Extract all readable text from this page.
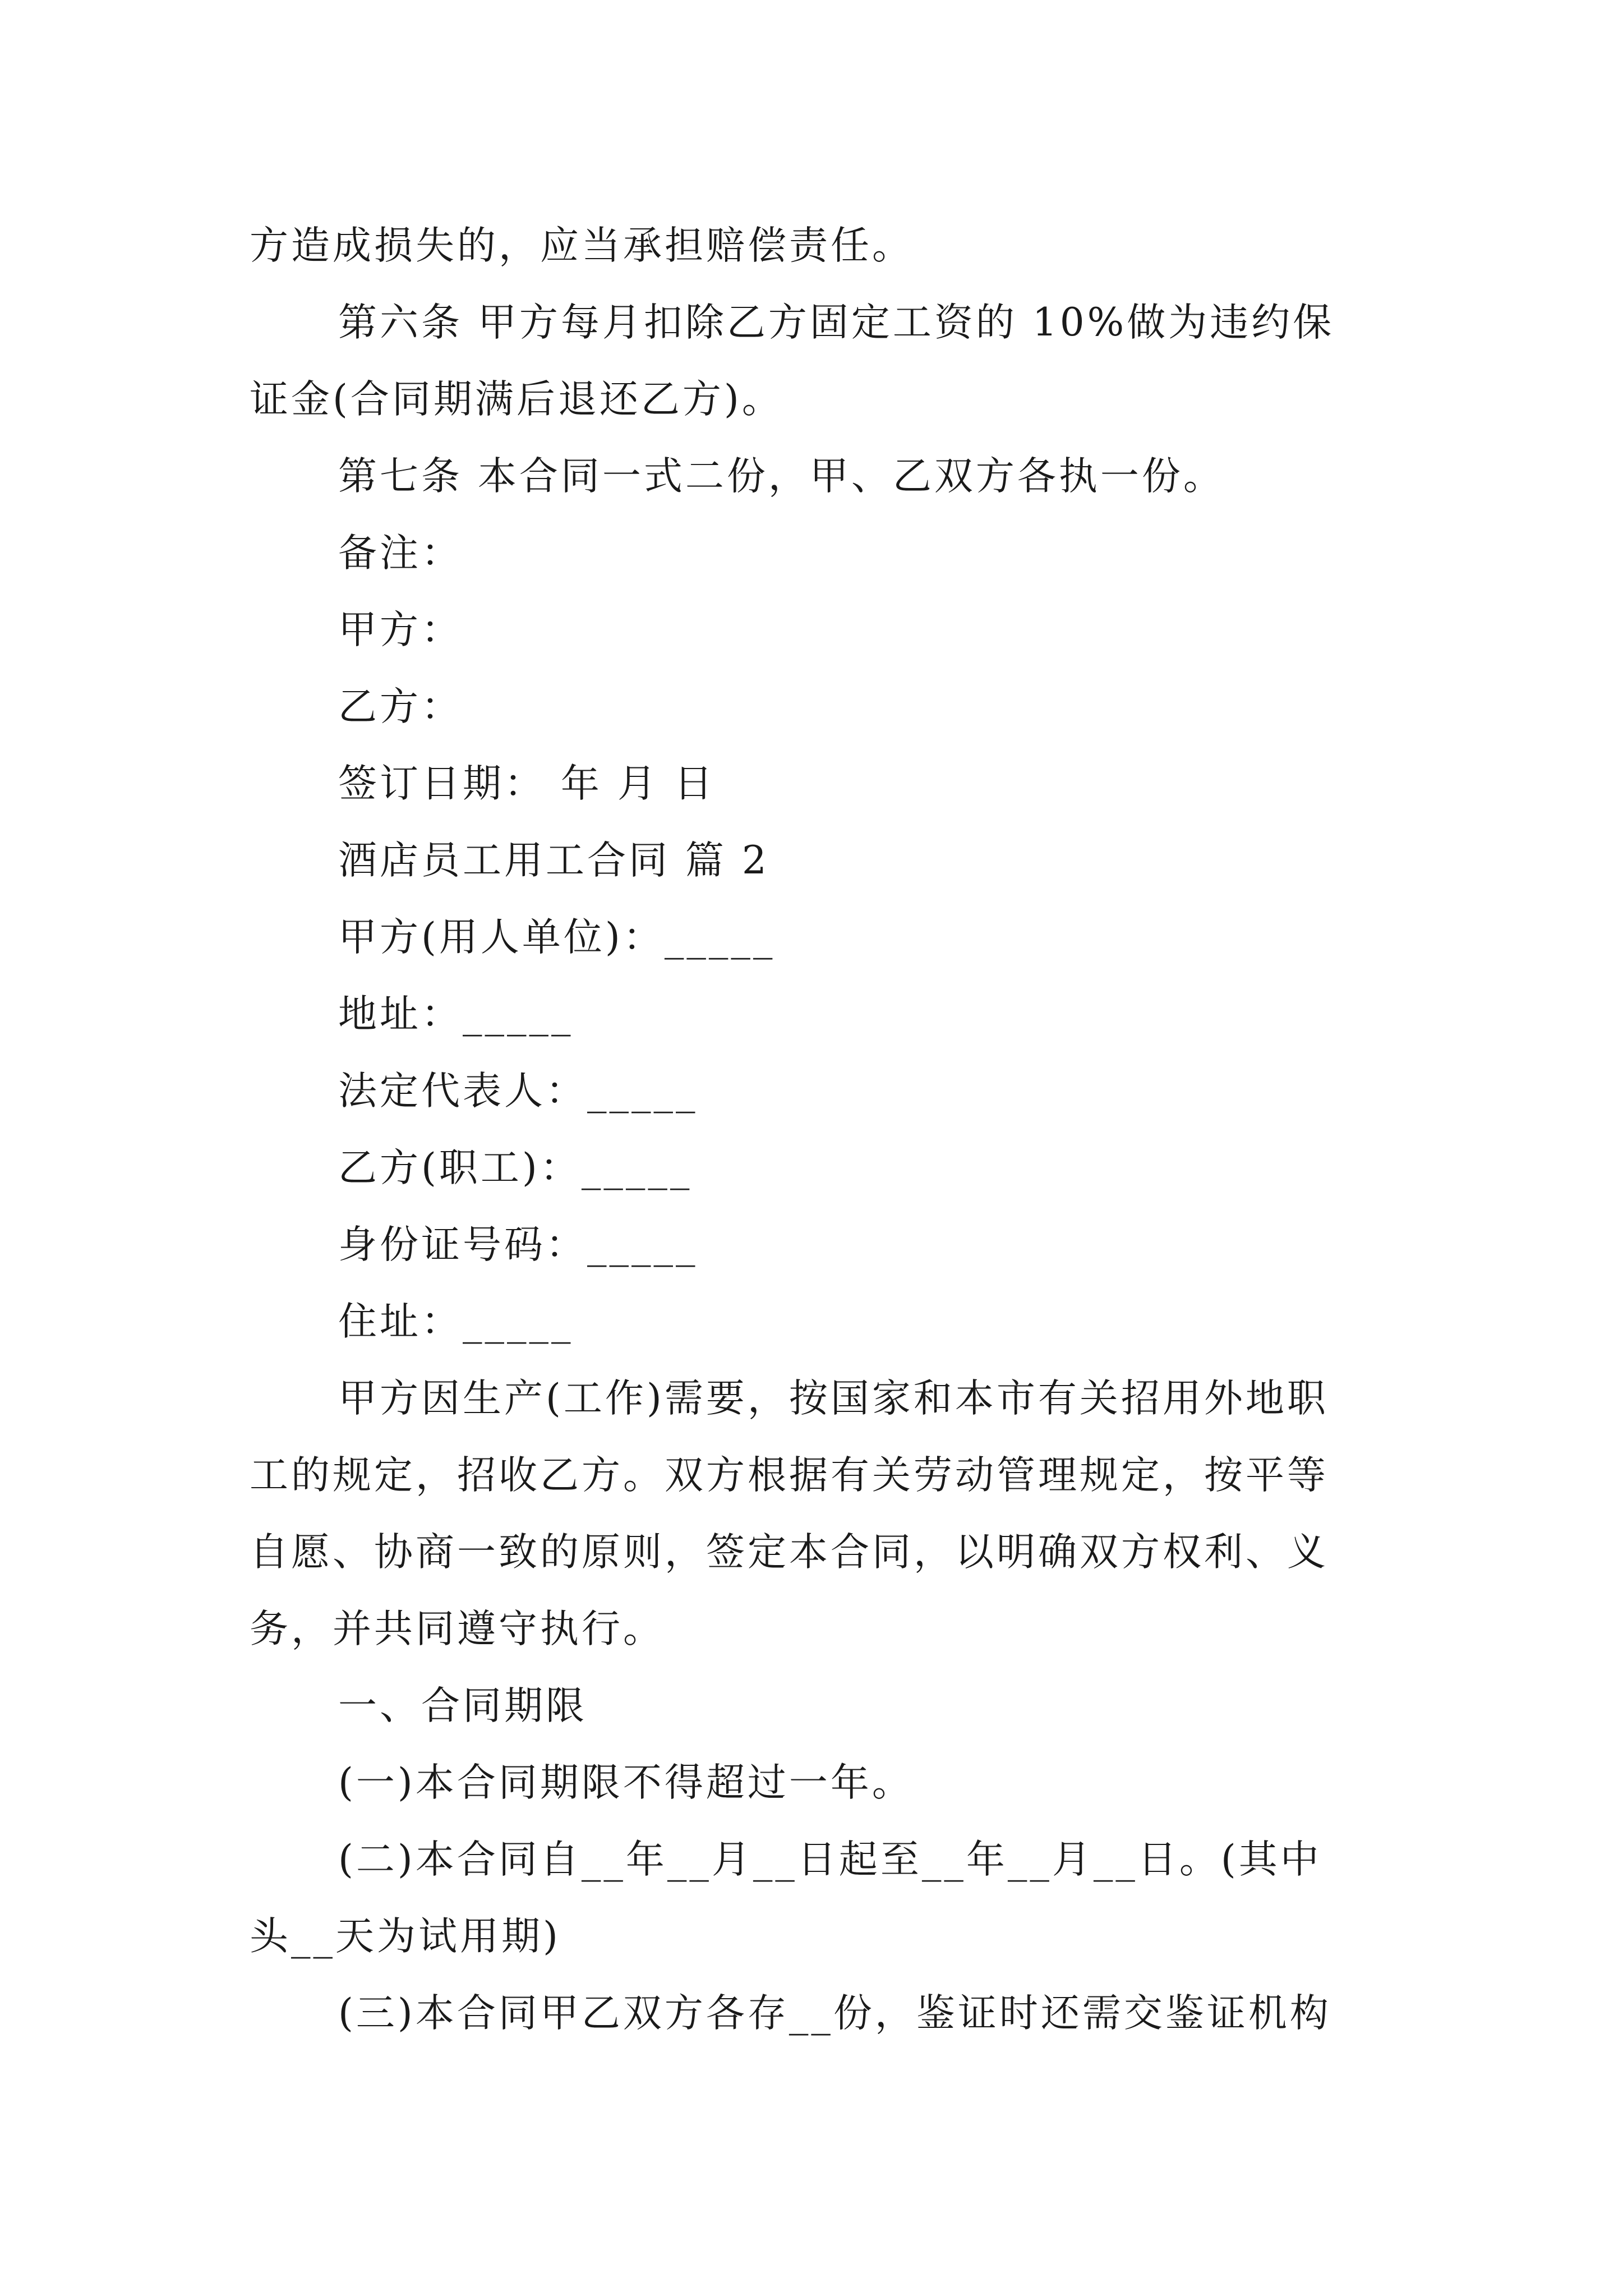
方造成损失的，应当承担赔偿责任。
第六条 甲方每月扣除乙方固定工资的 10%做为违约保
证金(合同期满后退还乙方)。
第七条 本合同一式二份，甲、乙双方各执一份。
备注：
甲方：
乙方：
签订日期： 年 月 日
酒店员工用工合同 篇 2
甲方(用人单位)：_____
地址：_____
法定代表人：_____
乙方(职工)：_____
身份证号码：_____
住址：_____
甲方因生产(工作)需要，按国家和本市有关招用外地职
工的规定，招收乙方。双方根据有关劳动管理规定，按平等
自愿、协商一致的原则，签定本合同，以明确双方权利、义
务，并共同遵守执行。
一、合同期限
(一)本合同期限不得超过一年。
(二)本合同自__年__月__日起至__年__月__日。(其中
头__天为试用期)
(三)本合同甲乙双方各存__份，鉴证时还需交鉴证机构
